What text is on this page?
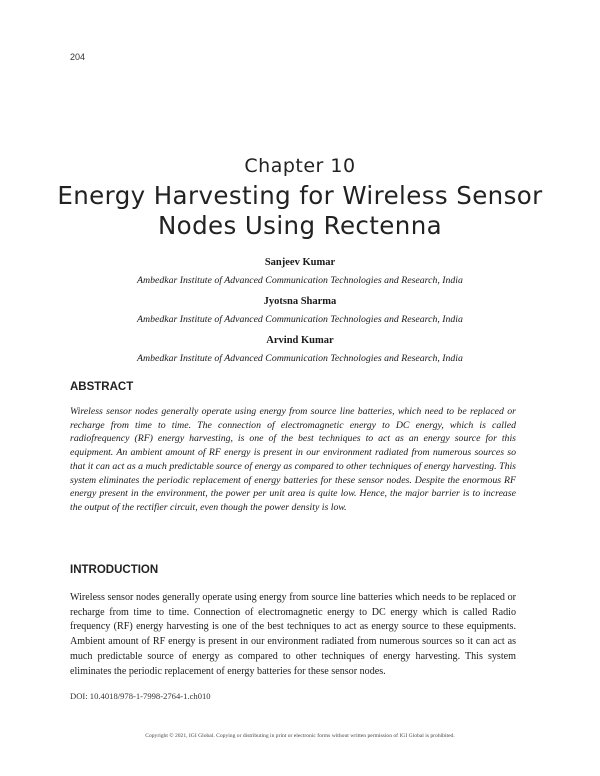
204
Chapter 10
Energy Harvesting for Wireless Sensor Nodes Using Rectenna
Sanjeev Kumar
Ambedkar Institute of Advanced Communication Technologies and Research, India
Jyotsna Sharma
Ambedkar Institute of Advanced Communication Technologies and Research, India
Arvind Kumar
Ambedkar Institute of Advanced Communication Technologies and Research, India
ABSTRACT

Wireless sensor nodes generally operate using energy from source line batteries, which need to be replaced or recharge from time to time. The connection of electromagnetic energy to DC energy, which is called radiofrequency (RF) energy harvesting, is one of the best techniques to act as an energy source for this equipment. An ambient amount of RF energy is present in our environment radiated from numerous sources so that it can act as a much predictable source of energy as compared to other techniques of energy harvesting. This system eliminates the periodic replacement of energy batteries for these sensor nodes. Despite the enormous RF energy present in the environment, the power per unit area is quite low. Hence, the major barrier is to increase the output of the rectifier circuit, even though the power density is low.

INTRODUCTION

Wireless sensor nodes generally operate using energy from source line batteries which needs to be replaced or recharge from time to time. Connection of electromagnetic energy to DC energy which is called Radio frequency (RF) energy harvesting is one of the best techniques to act as energy source to these equipments. Ambient amount of RF energy is present in our environment radiated from numerous sources so it can act as much predictable source of energy as compared to other techniques of energy harvesting. This system eliminates the periodic replacement of energy batteries for these sensor nodes.

DOI: 10.4018/978-1-7998-2764-1.ch010
Copyright © 2021, IGI Global. Copying or distributing in print or electronic forms without written permission of IGI Global is prohibited.
